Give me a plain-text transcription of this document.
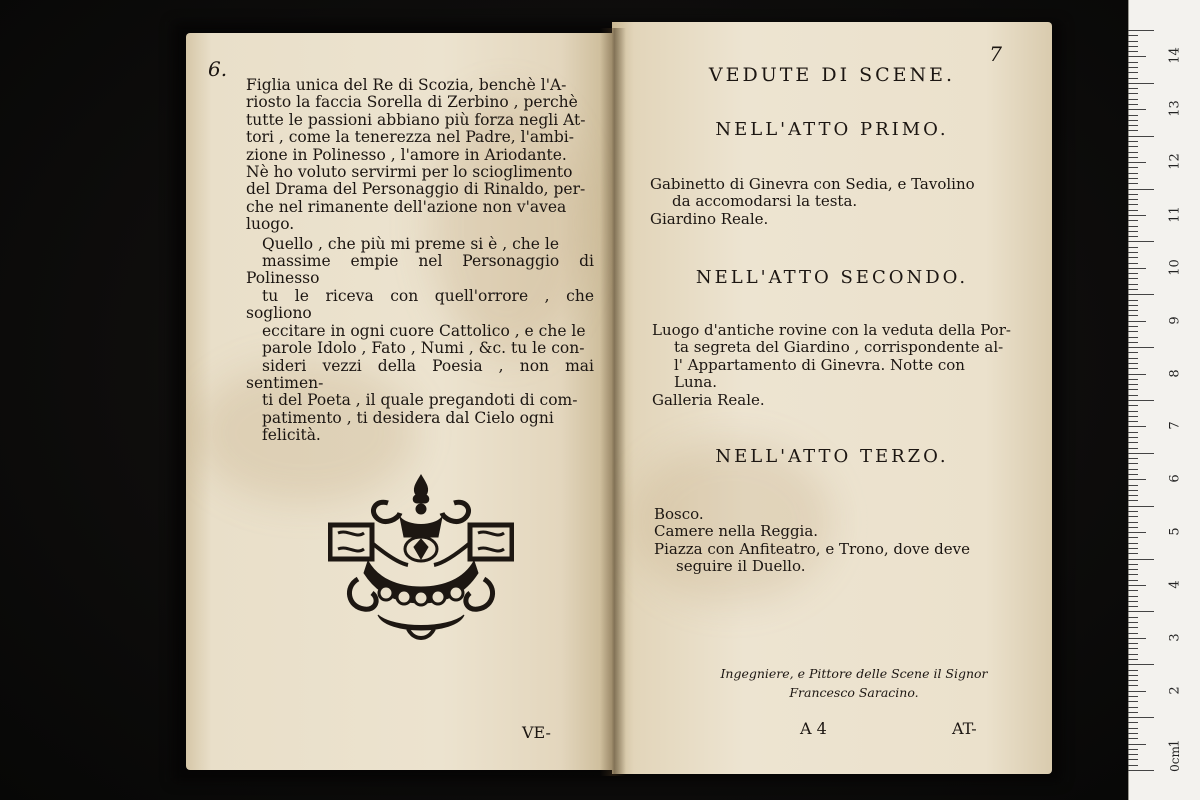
6.

Figlia unica del Re di Scozia, benchè l'A-
riosto la faccia Sorella di Zerbino , perchè
tutte le passioni abbiano più forza negli At-
tori , come la tenerezza nel Padre, l'ambi-
zione in Polinesso , l'amore in Ariodante.
Nè ho voluto servirmi per lo scioglimento
del Drama del Personaggio di Rinaldo, per-
che nel rimanente dell'azione non v'avea
luogo.

Quello , che più mi preme si è , che le
massime empie nel Personaggio di Polinesso
tu le riceva con quell'orrore , che sogliono
eccitare in ogni cuore Cattolico , e che le
parole Idolo , Fato , Numi , &c. tu le con-
sideri vezzi della Poesia , non mai sentimen-
ti del Poeta , il quale pregandoti di com-
patimento , ti desidera dal Cielo ogni
felicità.

VE-
7
VEDUTE DI SCENE.
NELL'ATTO PRIMO.
Gabinetto di Ginevra con Sedia, e Tavolino
da accomodarsi la testa.
Giardino Reale.
NELL'ATTO SECONDO.
Luogo d'antiche rovine con la veduta della Por-
ta segreta del Giardino , corrispondente al-
l' Appartamento di Ginevra. Notte con
Luna.
Galleria Reale.
NELL'ATTO TERZO.
Bosco.
Camere nella Reggia.
Piazza con Anfiteatro, e Trono, dove deve
seguire il Duello.
Ingegniere, e Pittore delle Scene il Signor
Francesco Saracino.
A 4	AT-
0cm
14
13
12
11
10
9
8
7
6
5
4
3
2
1
